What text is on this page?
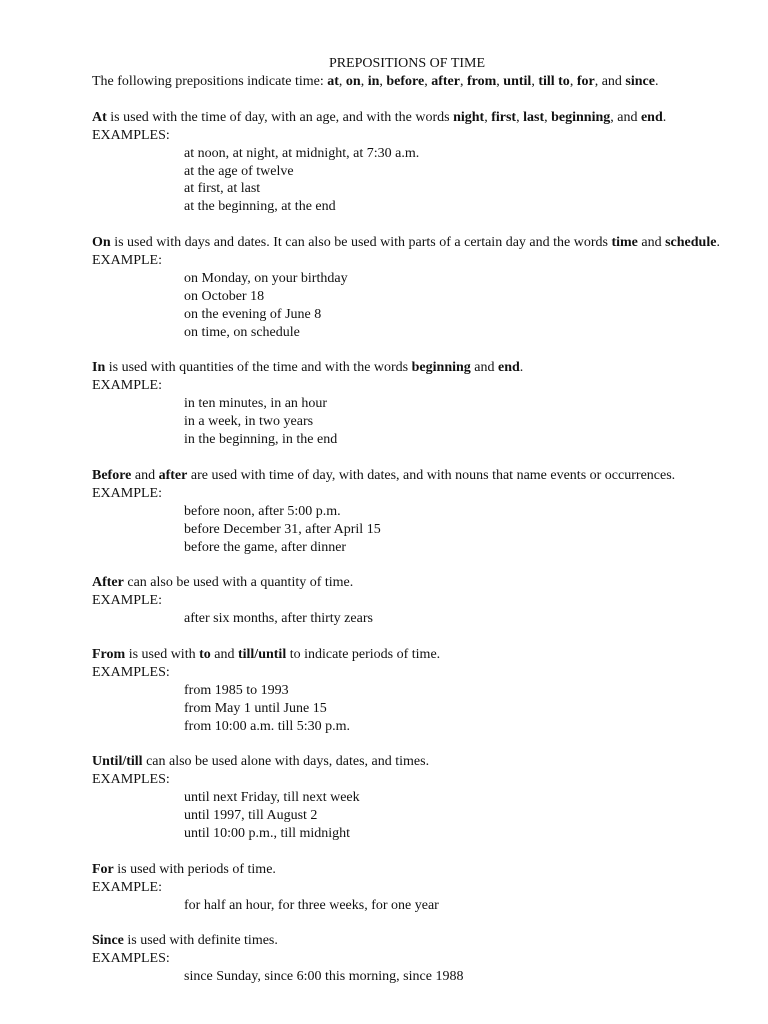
PREPOSITIONS OF TIME
The following prepositions indicate time: at, on, in, before, after, from, until, till to, for, and since.
At is used with the time of day, with an age, and with the words night, first, last, beginning, and end.
EXAMPLES:
at noon, at night, at midnight, at 7:30 a.m.
at the age of twelve
at first, at last
at the beginning, at the end
On is used with days and dates. It can also be used with parts of a certain day and the words time and schedule.
EXAMPLE:
on Monday, on your birthday
on October 18
on the evening of June 8
on time, on schedule
In is used with quantities of the time and with the words beginning and end.
EXAMPLE:
in ten minutes, in an hour
in a week, in two years
in the beginning, in the end
Before and after are used with time of day, with dates, and with nouns that name events or occurrences.
EXAMPLE:
before noon, after 5:00 p.m.
before December 31, after April 15
before the game, after dinner
After can also be used with a quantity of time.
EXAMPLE:
after six months, after thirty zears
From is used with to and till/until to indicate periods of time.
EXAMPLES:
from 1985 to 1993
from May 1 until June 15
from 10:00 a.m. till 5:30 p.m.
Until/till can also be used alone with days, dates, and times.
EXAMPLES:
until next Friday, till next week
until 1997, till August 2
until 10:00 p.m., till midnight
For is used with periods of time.
EXAMPLE:
for half an hour, for three weeks, for one year
Since is used with definite times.
EXAMPLES:
since Sunday, since 6:00 this morning, since 1988
